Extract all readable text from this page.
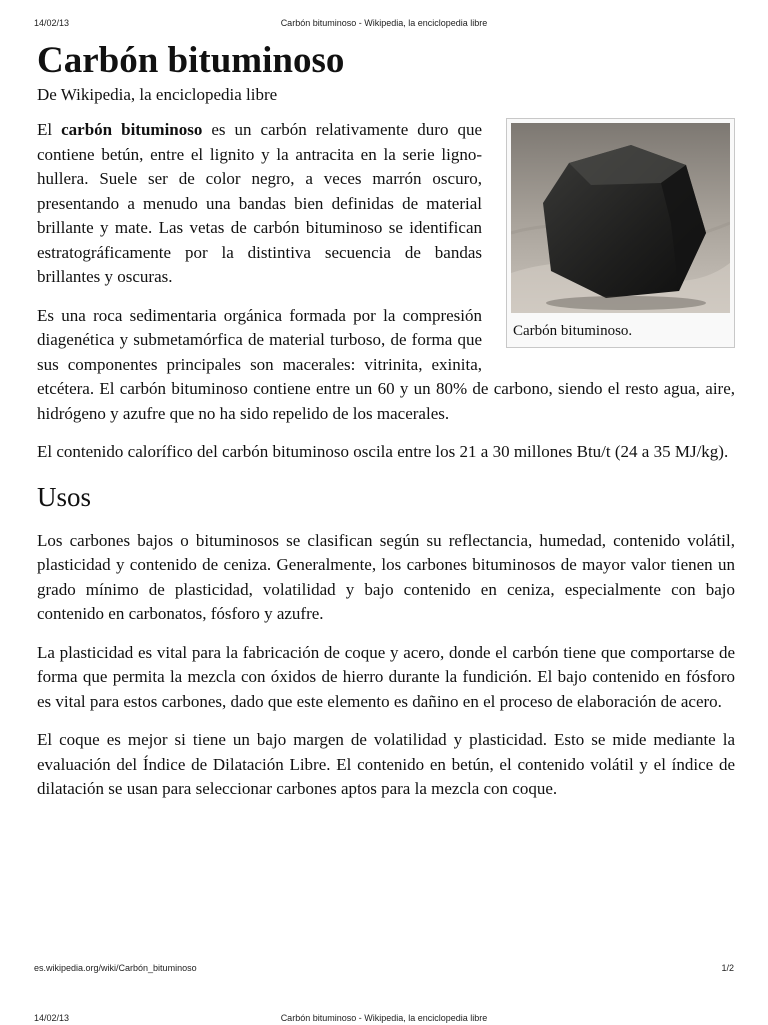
14/02/13	Carbón bituminoso - Wikipedia, la enciclopedia libre
Carbón bituminoso
De Wikipedia, la enciclopedia libre
Carbón bituminoso.

El carbón bituminoso es un carbón relativamente duro que contiene betún, entre el lignito y la antracita en la serie ligno-hullera. Suele ser de color negro, a veces marrón oscuro, presentando a menudo una bandas bien definidas de material brillante y mate. Las vetas de carbón bituminoso se identifican estratográficamente por la distintiva secuencia de bandas brillantes y oscuras.

Es una roca sedimentaria orgánica formada por la compresión diagenética y submetamórfica de material turboso, de forma que sus componentes principales son macerales: vitrinita, exinita, etcétera. El carbón bituminoso contiene entre un 60 y un 80% de carbono, siendo el resto agua, aire, hidrógeno y azufre que no ha sido repelido de los macerales.

El contenido calorífico del carbón bituminoso oscila entre los 21 a 30 millones Btu/t (24 a 35 MJ/kg).

Usos

Los carbones bajos o bituminosos se clasifican según su reflectancia, humedad, contenido volátil, plasticidad y contenido de ceniza. Generalmente, los carbones bituminosos de mayor valor tienen un grado mínimo de plasticidad, volatilidad y bajo contenido en ceniza, especialmente con bajo contenido en carbonatos, fósforo y azufre.

La plasticidad es vital para la fabricación de coque y acero, donde el carbón tiene que comportarse de forma que permita la mezcla con óxidos de hierro durante la fundición. El bajo contenido en fósforo es vital para estos carbones, dado que este elemento es dañino en el proceso de elaboración de acero.

El coque es mejor si tiene un bajo margen de volatilidad y plasticidad. Esto se mide mediante la evaluación del Índice de Dilatación Libre. El contenido en betún, el contenido volátil y el índice de dilatación se usan para seleccionar carbones aptos para la mezcla con coque.

es.wikipedia.org/wiki/Carbón_bituminoso	1/2
14/02/13	Carbón bituminoso - Wikipedia, la enciclopedia libre
